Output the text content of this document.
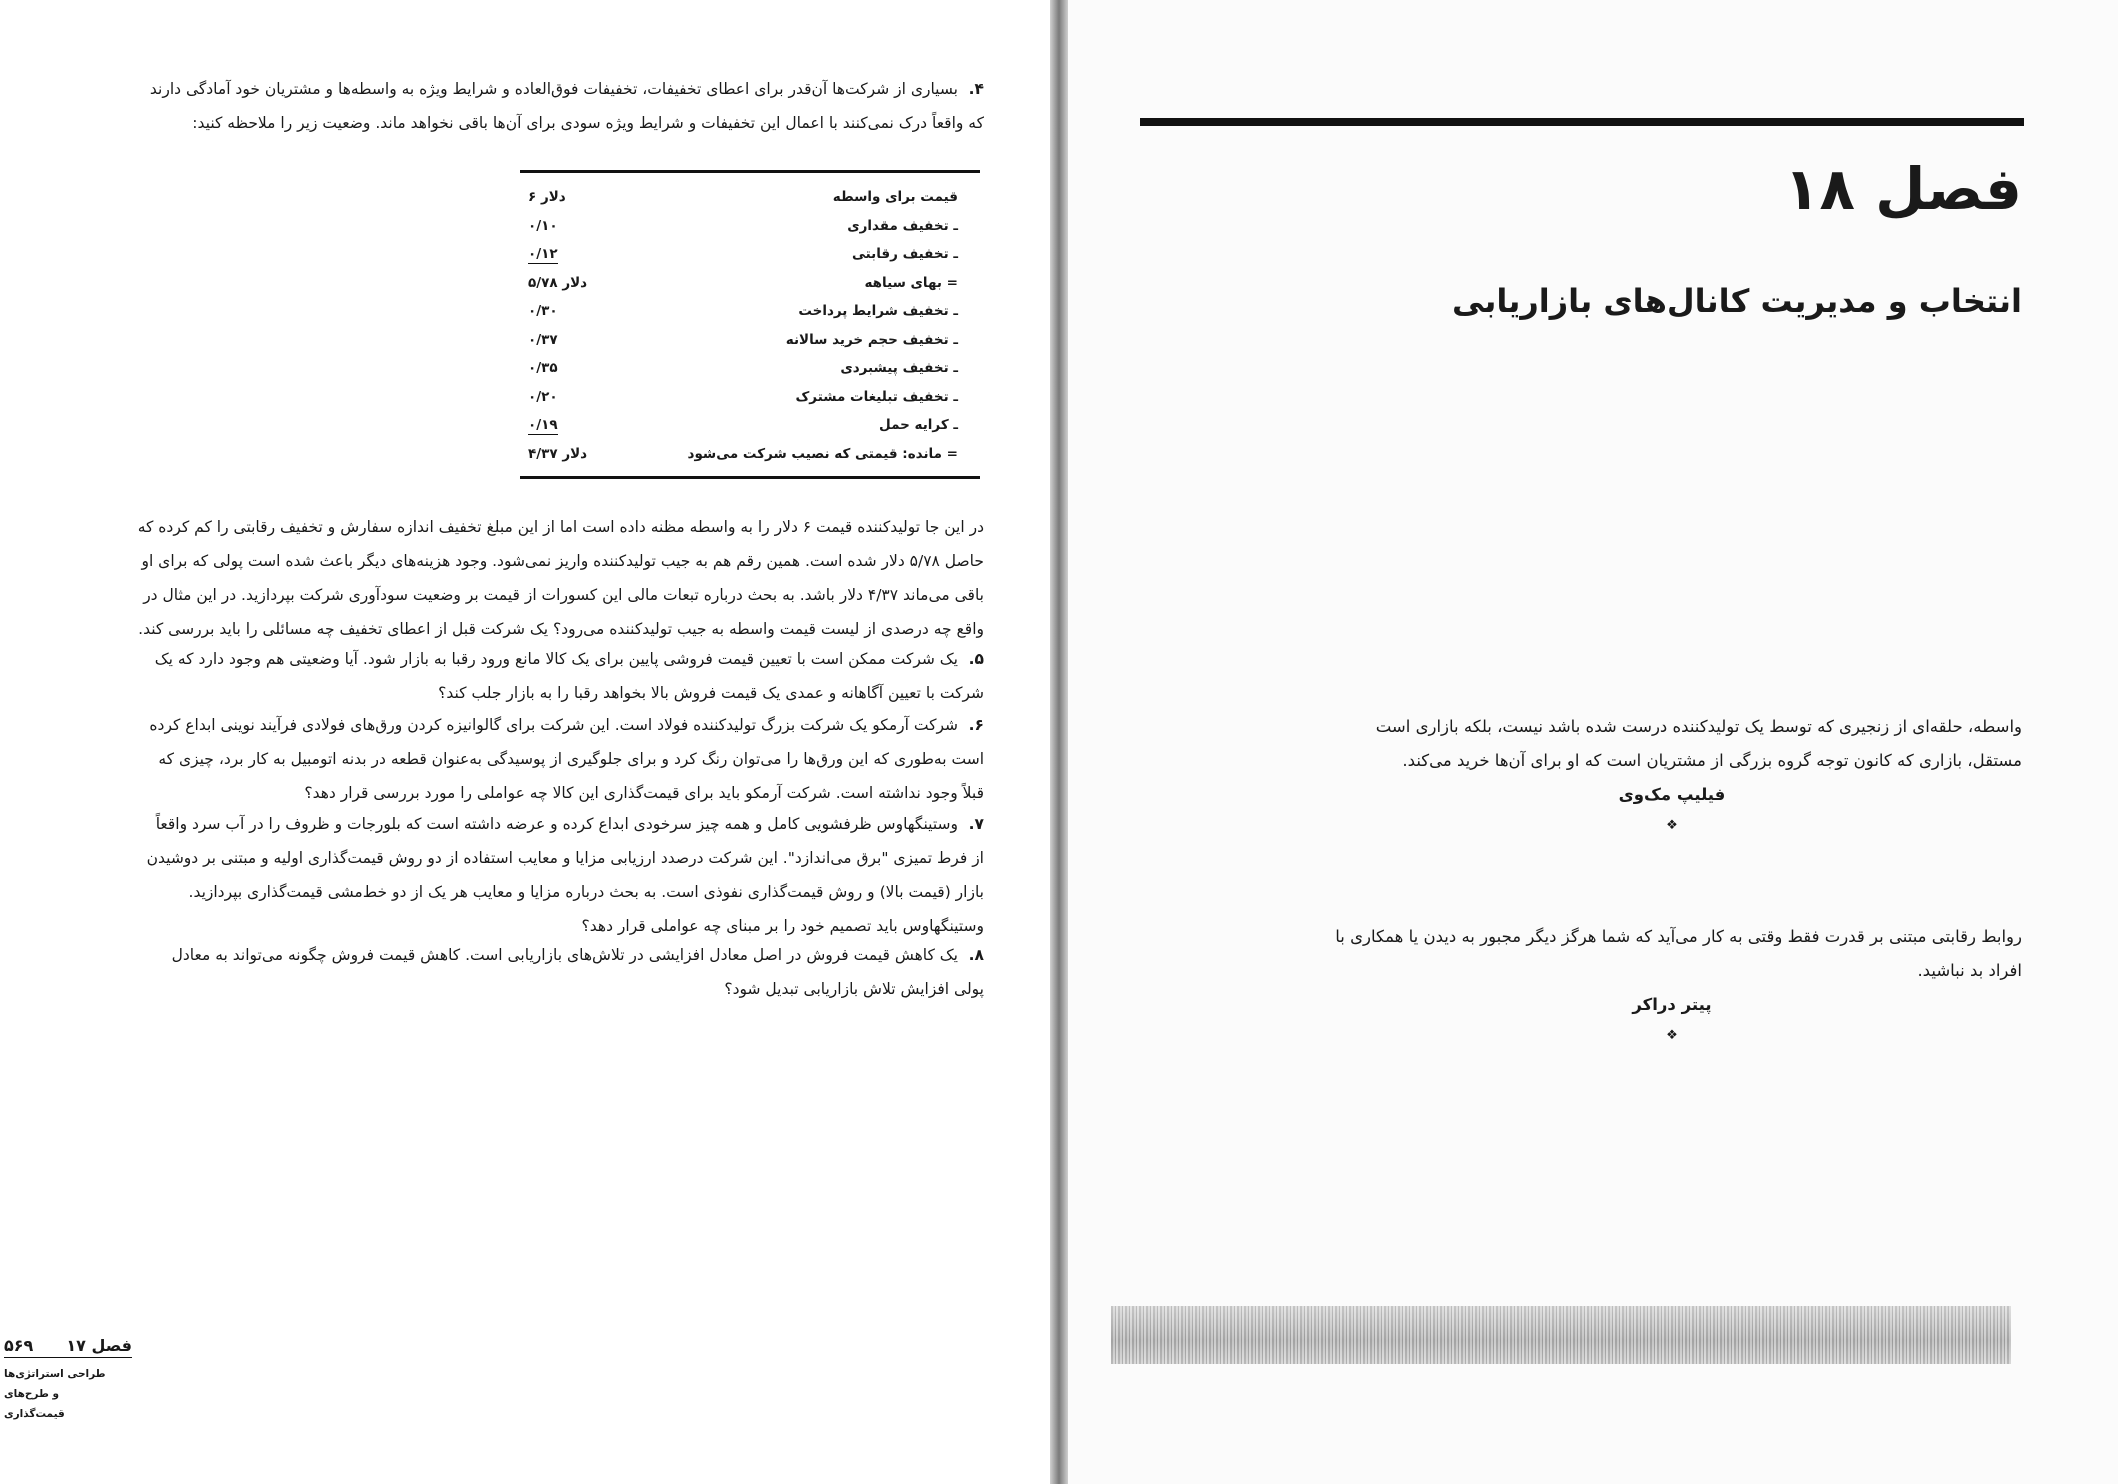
۴.بسیاری از شرکت‌ها آن‌قدر برای اعطای تخفیفات، تخفیفات فوق‌العاده و شرایط ویژه به واسطه‌ها و مشتریان خود آمادگی دارند که واقعاً درک نمی‌کنند با اعمال این تخفیفات و شرایط ویژه سودی برای آن‌ها باقی نخواهد ماند. وضعیت زیر را ملاحظه کنید:
قیمت برای واسطه
۶ دلار
ـ تخفیف مقداری
۰/۱۰
ـ تخفیف رقابتی
۰/۱۲
= بهای سیاهه
۵/۷۸ دلار
ـ تخفیف شرایط پرداخت
۰/۳۰
ـ تخفیف حجم خرید سالانه
۰/۳۷
ـ تخفیف پیشبردی
۰/۳۵
ـ تخفیف تبلیغات مشترک
۰/۲۰
ـ کرایه حمل
۰/۱۹
= مانده: قیمتی که نصیب شرکت می‌شود
۴/۳۷ دلار
در این جا تولیدکننده قیمت ۶ دلار را به واسطه مظنه داده است اما از این مبلغ تخفیف اندازه سفارش و تخفیف رقابتی را کم کرده که حاصل ۵/۷۸ دلار شده است. همین رقم هم به جیب تولیدکننده واریز نمی‌شود. وجود هزینه‌های دیگر باعث شده است پولی که برای او باقی می‌ماند ۴/۳۷ دلار باشد. به بحث درباره تبعات مالی این کسورات از قیمت بر وضعیت سودآوری شرکت بپردازید. در این مثال در واقع چه درصدی از لیست قیمت واسطه به جیب تولیدکننده می‌رود؟ یک شرکت قبل از اعطای تخفیف چه مسائلی را باید بررسی کند.
۵.یک شرکت ممکن است با تعیین قیمت فروشی پایین برای یک کالا مانع ورود رقبا به بازار شود. آیا وضعیتی هم وجود دارد که یک شرکت با تعیین آگاهانه و عمدی یک قیمت فروش بالا بخواهد رقبا را به بازار جلب کند؟
۶.شرکت آرمکو یک شرکت بزرگ تولیدکننده فولاد است. این شرکت برای گالوانیزه کردن ورق‌های فولادی فرآیند نوینی ابداع کرده است به‌طوری که این ورق‌ها را می‌توان رنگ کرد و برای جلوگیری از پوسیدگی به‌عنوان قطعه در بدنه اتومبیل به کار برد، چیزی که قبلاً وجود نداشته است. شرکت آرمکو باید برای قیمت‌گذاری این کالا چه عواملی را مورد بررسی قرار دهد؟
۷.وستینگهاوس ظرفشویی کامل و همه چیز سرخودی ابداع کرده و عرضه داشته است که بلورجات و ظروف را در آب سرد واقعاً از فرط تمیزی "برق می‌اندازد". این شرکت درصدد ارزیابی مزایا و معایب استفاده از دو روش قیمت‌گذاری اولیه و مبتنی بر دوشیدن بازار (قیمت بالا) و روش قیمت‌گذاری نفوذی است. به بحث درباره مزایا و معایب هر یک از دو خط‌مشی قیمت‌گذاری بپردازید. وستینگهاوس باید تصمیم خود را بر مبنای چه عواملی قرار دهد؟
۸.یک کاهش قیمت فروش در اصل معادل افزایشی در تلاش‌های بازاریابی است. کاهش قیمت فروش چگونه می‌تواند به معادل پولی افزایش تلاش بازاریابی تبدیل شود؟
۵۶۹ فصل ۱۷
طراحی استراتژی‌ها
و طرح‌های
قیمت‌گذاری
فصل ۱۸
انتخاب و مدیریت کانال‌های بازاریابی
واسطه، حلقه‌ای از زنجیری که توسط یک تولیدکننده درست شده باشد نیست، بلکه بازاری است مستقل، بازاری که کانون توجه گروه بزرگی از مشتریان است که او برای آن‌ها خرید می‌کند.
فیلیپ مک‌وی
❖
روابط رقابتی مبتنی بر قدرت فقط وقتی به کار می‌آید که شما هرگز دیگر مجبور به دیدن یا همکاری با افراد بد نباشید.
پیتر دراکر
❖
